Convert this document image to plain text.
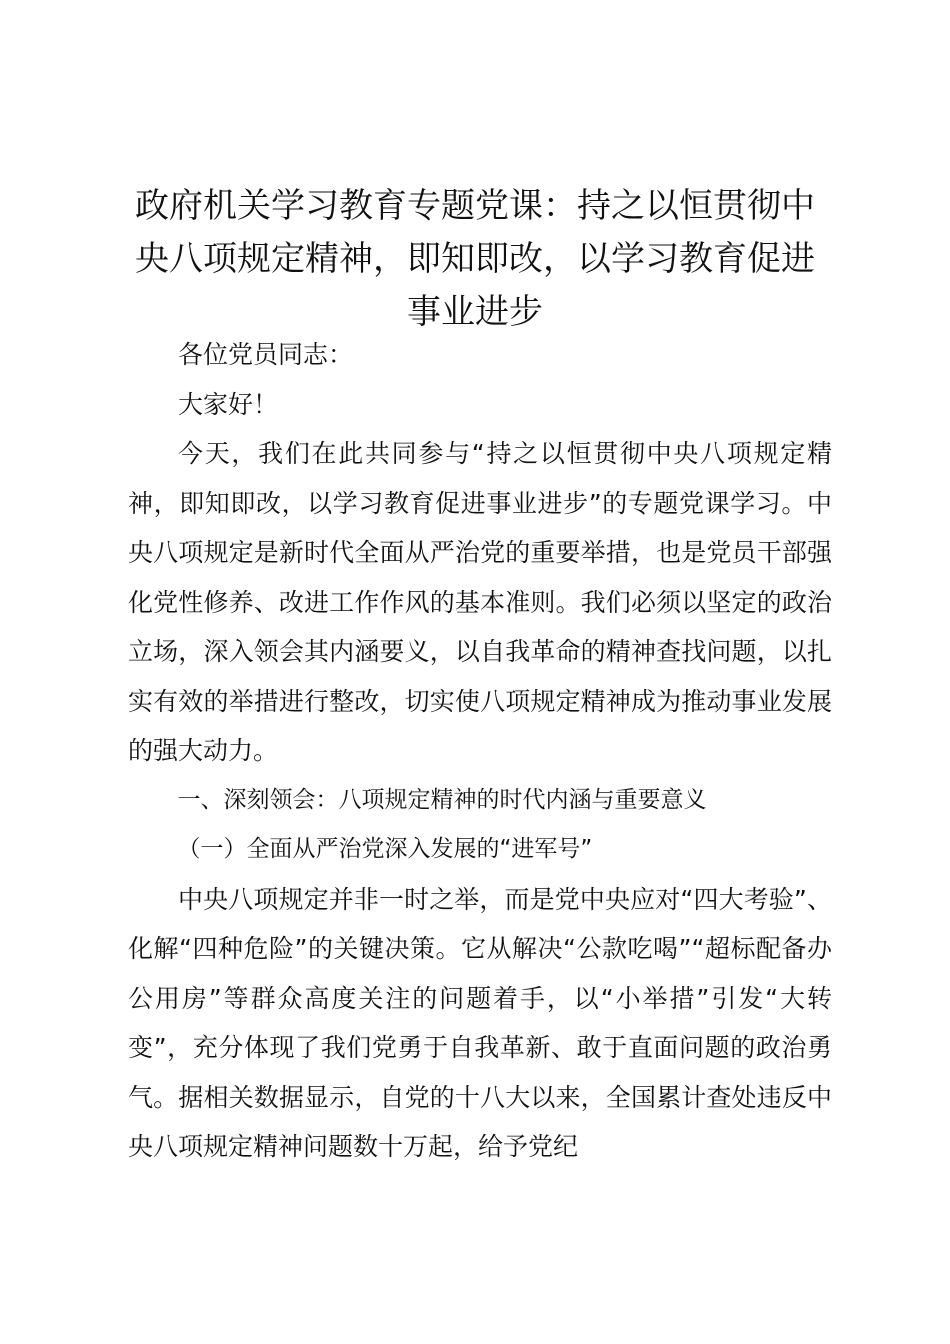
政府机关学习教育专题党课：持之以恒贯彻中
央八项规定精神，即知即改，以学习教育促进
事业进步

各位党员同志：

大家好！

今天，我们在此共同参与“持之以恒贯彻中央八项规定精神，即知即改，以学习教育促进事业进步”的专题党课学习。中央八项规定是新时代全面从严治党的重要举措，也是党员干部强化党性修养、改进工作作风的基本准则。我们必须以坚定的政治立场，深入领会其内涵要义，以自我革命的精神查找问题，以扎实有效的举措进行整改，切实使八项规定精神成为推动事业发展的强大动力。

一、深刻领会：八项规定精神的时代内涵与重要意义

（一）全面从严治党深入发展的“进军号”

中央八项规定并非一时之举，而是党中央应对“四大考验”、化解“四种危险”的关键决策。它从解决“公款吃喝”“超标配备办公用房”等群众高度关注的问题着手，以“小举措”引发“大转变”，充分体现了我们党勇于自我革新、敢于直面问题的政治勇气。据相关数据显示，自党的十八大以来，全国累计查处违反中央八项规定精神问题数十万起，给予党纪
